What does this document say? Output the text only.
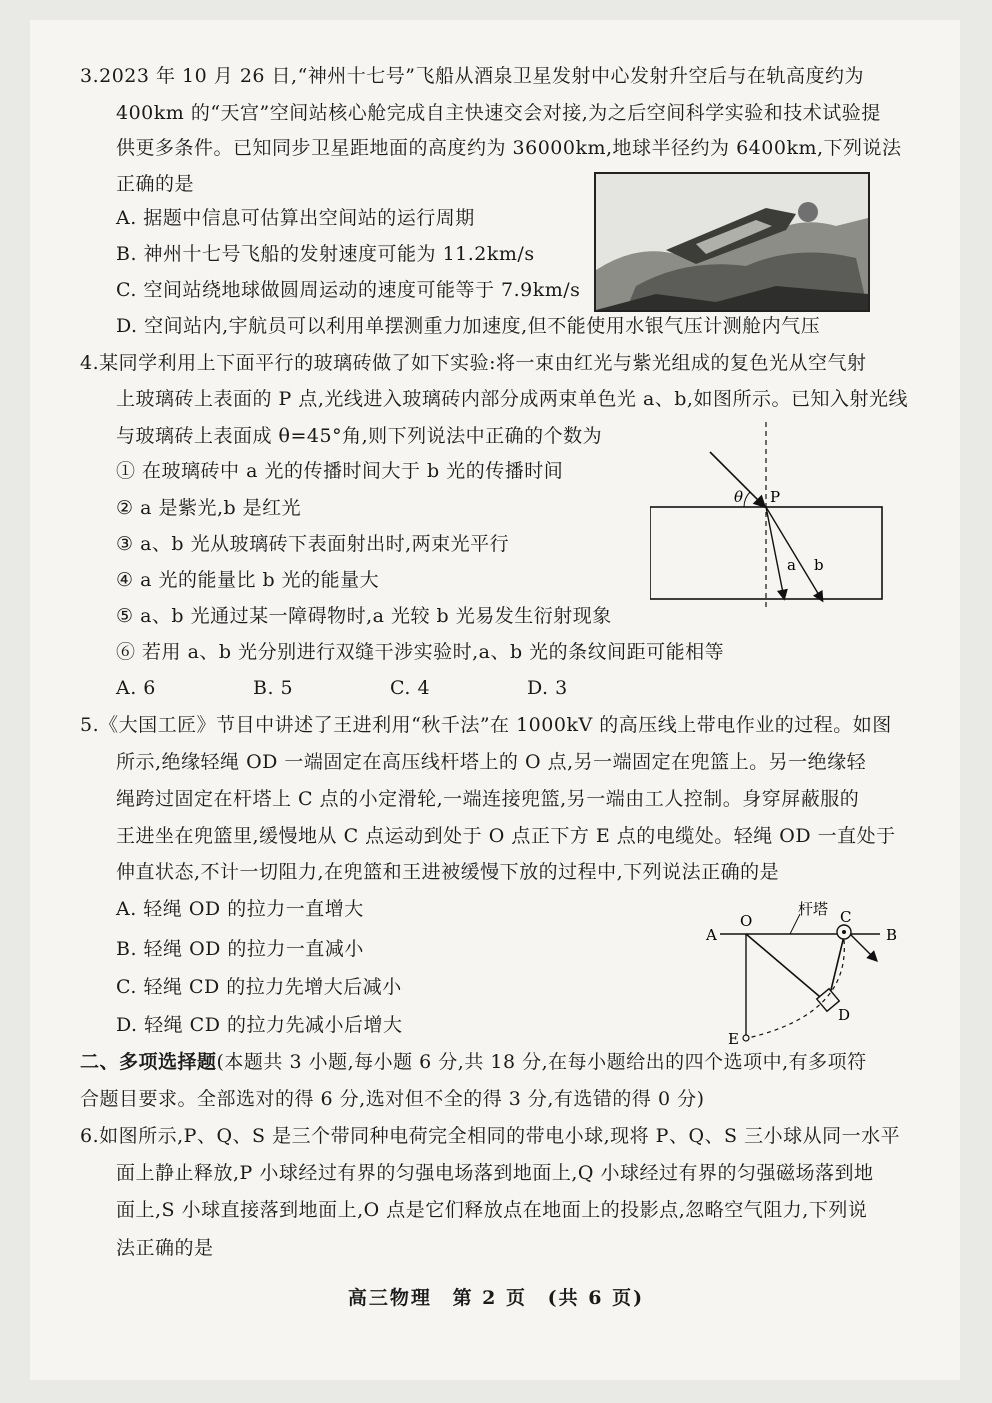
3.2023 年 10 月 26 日,“神州十七号”飞船从酒泉卫星发射中心发射升空后与在轨高度约为
400km 的“天宫”空间站核心舱完成自主快速交会对接,为之后空间科学实验和技术试验提
供更多条件。已知同步卫星距地面的高度约为 36000km,地球半径约为 6400km,下列说法
正确的是
A. 据题中信息可估算出空间站的运行周期
B. 神州十七号飞船的发射速度可能为 11.2km/s
C. 空间站绕地球做圆周运动的速度可能等于 7.9km/s
D. 空间站内,宇航员可以利用单摆测重力加速度,但不能使用水银气压计测舱内气压
4.某同学利用上下面平行的玻璃砖做了如下实验:将一束由红光与紫光组成的复色光从空气射
上玻璃砖上表面的 P 点,光线进入玻璃砖内部分成两束单色光 a、b,如图所示。已知入射光线
与玻璃砖上表面成 θ=45°角,则下列说法中正确的个数为
① 在玻璃砖中 a 光的传播时间大于 b 光的传播时间
② a 是紫光,b 是红光
③ a、b 光从玻璃砖下表面射出时,两束光平行
④ a 光的能量比 b 光的能量大
⑤ a、b 光通过某一障碍物时,a 光较 b 光易发生衍射现象
⑥ 若用 a、b 光分别进行双缝干涉实验时,a、b 光的条纹间距可能相等
A. 6	B. 5	C. 4	D. 3
θ P
a b
5.《大国工匠》节目中讲述了王进利用“秋千法”在 1000kV 的高压线上带电作业的过程。如图
所示,绝缘轻绳 OD 一端固定在高压线杆塔上的 O 点,另一端固定在兜篮上。另一绝缘轻
绳跨过固定在杆塔上 C 点的小定滑轮,一端连接兜篮,另一端由工人控制。身穿屏蔽服的
王进坐在兜篮里,缓慢地从 C 点运动到处于 O 点正下方 E 点的电缆处。轻绳 OD 一直处于
伸直状态,不计一切阻力,在兜篮和王进被缓慢下放的过程中,下列说法正确的是
A. 轻绳 OD 的拉力一直增大
B. 轻绳 OD 的拉力一直减小
C. 轻绳 CD 的拉力先增大后减小
D. 轻绳 CD 的拉力先减小后增大
O	C
A	B
D
E
杆塔
二、多项选择题(本题共 3 小题,每小题 6 分,共 18 分,在每小题给出的四个选项中,有多项符
合题目要求。全部选对的得 6 分,选对但不全的得 3 分,有选错的得 0 分)
6.如图所示,P、Q、S 是三个带同种电荷完全相同的带电小球,现将 P、Q、S 三小球从同一水平
面上静止释放,P 小球经过有界的匀强电场落到地面上,Q 小球经过有界的匀强磁场落到地
面上,S 小球直接落到地面上,O 点是它们释放点在地面上的投影点,忽略空气阻力,下列说
法正确的是
高三物理 第 2 页 (共 6 页)
